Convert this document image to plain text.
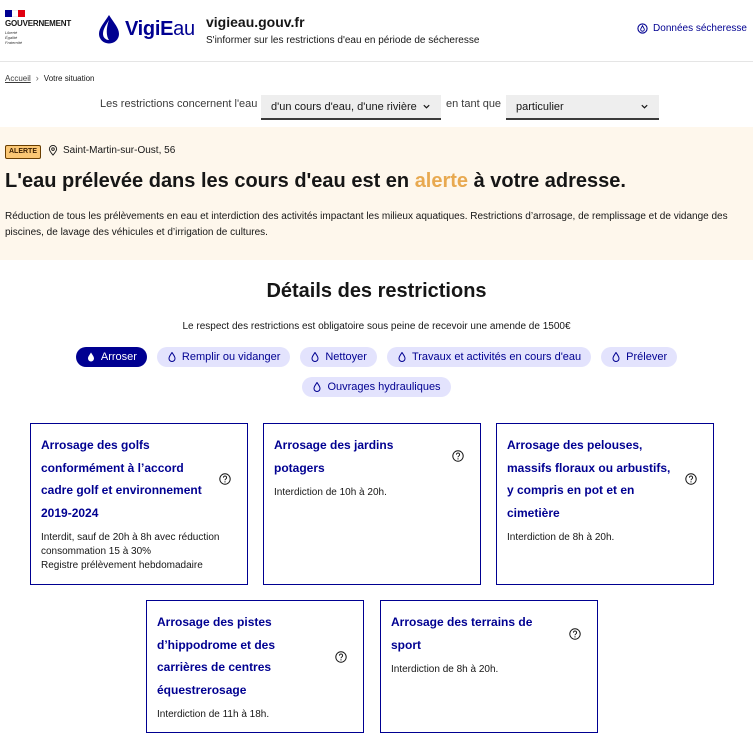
GOUVERNEMENT
Liberté
Égalité
Fraternité
VigiEau vigieau.gouv.fr
S'informer sur les restrictions d'eau en période de sécheresse
Données sécheresse
Accueil › Votre situation
Les restrictions concernent l'eau d'un cours d'eau, d'une rivière	en tant que particulier
ALERTE	Saint-Martin-sur-Oust, 56
L'eau prélevée dans les cours d'eau est en alerte à votre adresse.

Réduction de tous les prélèvements en eau et interdiction des activités impactant les milieux aquatiques. Restrictions d’arrosage, de remplissage et de vidange des piscines, de lavage des véhicules et d’irrigation de cultures.

Détails des restrictions

Le respect des restrictions est obligatoire sous peine de recevoir une amende de 1500€

Arroser	Remplir ou vidanger	Nettoyer	Travaux et activités en cours d'eau	Prélever
Ouvrages hydrauliques
Arrosage des golfs conformément à l’accord cadre golf et environnement 2019-2024
Interdit, sauf de 20h à 8h avec réduction
consommation 15 à 30%
Registre prélèvement hebdomadaire
Arrosage des jardins potagers
Interdiction de 10h à 20h.
Arrosage des pelouses, massifs floraux ou arbustifs, y compris en pot et en cimetière
Interdiction de 8h à 20h.
Arrosage des pistes d’hippodrome et des carrières de centres équestrerosage
Interdiction de 11h à 18h.
Arrosage des terrains de sport
Interdiction de 8h à 20h.
